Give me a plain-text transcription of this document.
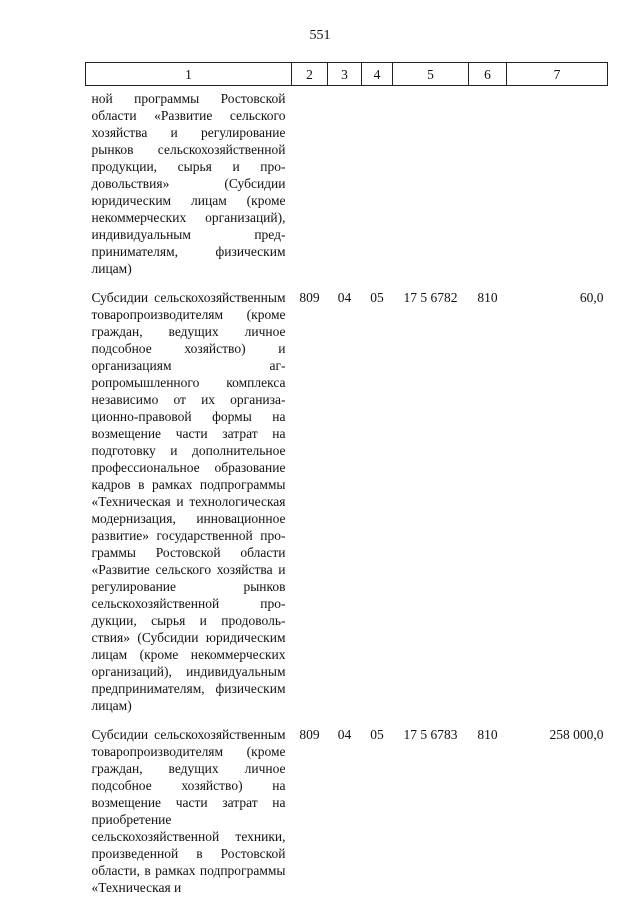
551
1	2	3	4	5	6	7
ной программы Ростовской области «Развитие сельского хозяйства и регулирование рынков сельскохозяйственной продукции, сырья и продовольствия» (Субсидии юридическим лицам (кроме некоммерческих организаций), индивидуальным предпринимателям, физическим лицам)						
Субсидии сельскохозяйственным товаропроизводителям (кроме граждан, ведущих личное подсобное хозяйство) и организациям агропромышленного комплекса независимо от их организационно-правовой формы на возмещение части затрат на подготовку и дополнительное профессиональное образование кадров в рамках подпрограммы «Техническая и технологическая модернизация, инновационное развитие» государственной программы Ростовской области «Развитие сельского хозяйства и регулирование рынков сельскохозяйственной продукции, сырья и продовольствия» (Субсидии юридическим лицам (кроме некоммерческих организаций), индивидуальным предпринимателям, физическим лицам)	809	04	05	17 5 6782	810	60,0
Субсидии сельскохозяйственным товаропроизводителям (кроме граждан, ведущих личное подсобное хозяйство) на возмещение части затрат на приобретение сельскохозяйственной техники, произведенной в Ростовской области, в рамках подпрограммы «Техническая и	809	04	05	17 5 6783	810	258 000,0
